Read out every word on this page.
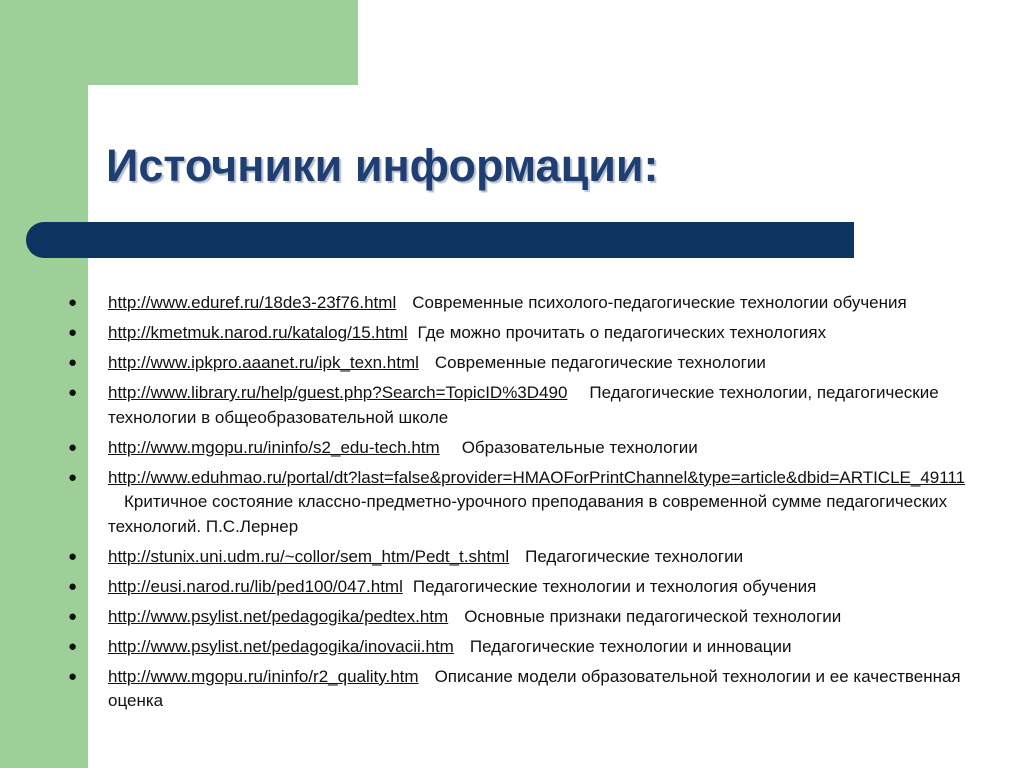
Источники информации:
● http://www.eduref.ru/18de3-23f76.html Современные психолого-педагогические технологии обучения
● http://kmetmuk.narod.ru/katalog/15.html Где можно прочитать о педагогических технологиях
● http://www.ipkpro.aaanet.ru/ipk_texn.html Современные педагогические технологии
● http://www.library.ru/help/guest.php?Search=TopicID%3D490 Педагогические технологии, педагогические технологии в общеобразовательной школе
● http://www.mgopu.ru/ininfo/s2_edu-tech.htm Образовательные технологии
● http://www.eduhmao.ru/portal/dt?last=false&provider=HMAOForPrintChannel&type=article&dbid=ARTICLE_49111Критичное состояние классно-предметно-урочного преподавания в современной сумме педагогических технологий. П.С.Лернер
● http://stunix.uni.udm.ru/~collor/sem_htm/Pedt_t.shtml Педагогические технологии
● http://eusi.narod.ru/lib/ped100/047.html Педагогические технологии и технология обучения
● http://www.psylist.net/pedagogika/pedtex.htm Основные признаки педагогической технологии
● http://www.psylist.net/pedagogika/inovacii.htm Педагогические технологии и инновации
● http://www.mgopu.ru/ininfo/r2_quality.htm Описание модели образовательной технологии и ее качественная оценка
